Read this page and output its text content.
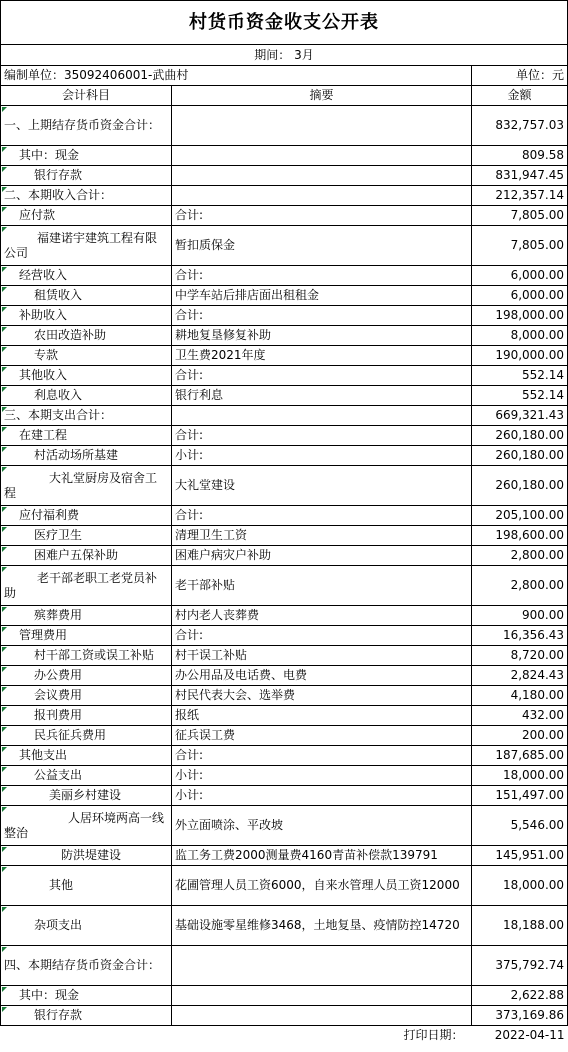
村货币资金收支公开表		
期间： 3月		
编制单位：35092406001-武曲村		单位：元
会计科目	摘要	金额
一、上期结存货币资金合计：		832,757.03
其中：现金		809.58
银行存款		831,947.45
二、本期收入合计：		212,357.14
应付款	合计:	7,805.00
福建诺宇建筑工程有限公司	暂扣质保金	7,805.00
经营收入	合计:	6,000.00
租赁收入	中学车站后排店面出租租金	6,000.00
补助收入	合计:	198,000.00
农田改造补助	耕地复垦修复补助	8,000.00
专款	卫生费2021年度	190,000.00
其他收入	合计:	552.14
利息收入	银行利息	552.14
三、本期支出合计：		669,321.43
在建工程	合计:	260,180.00
村活动场所基建	小计:	260,180.00
大礼堂厨房及宿舍工程	大礼堂建设	260,180.00
应付福利费	合计:	205,100.00
医疗卫生	清理卫生工资	198,600.00
困难户五保补助	困难户病灾户补助	2,800.00
老干部老职工老党员补助	老干部补贴	2,800.00
殡葬费用	村内老人丧葬费	900.00
管理费用	合计:	16,356.43
村干部工资或误工补贴	村干误工补贴	8,720.00
办公费用	办公用品及电话费、电费	2,824.43
会议费用	村民代表大会、选举费	4,180.00
报刊费用	报纸	432.00
民兵征兵费用	征兵误工费	200.00
其他支出	合计:	187,685.00
公益支出	小计:	18,000.00
美丽乡村建设	小计:	151,497.00
人居环境两高一线整治	外立面喷涂、平改坡	5,546.00
防洪堤建设	监工务工费2000测量费4160青苗补偿款139791	145,951.00
其他	花圃管理人员工资6000，自来水管理人员工资12000	18,000.00
杂项支出	基础设施零星维修3468，土地复垦、疫情防控14720	18,188.00
四、本期结存货币资金合计：		375,792.74
其中：现金		2,622.88
银行存款		373,169.86
	打印日期：	2022-04-11
